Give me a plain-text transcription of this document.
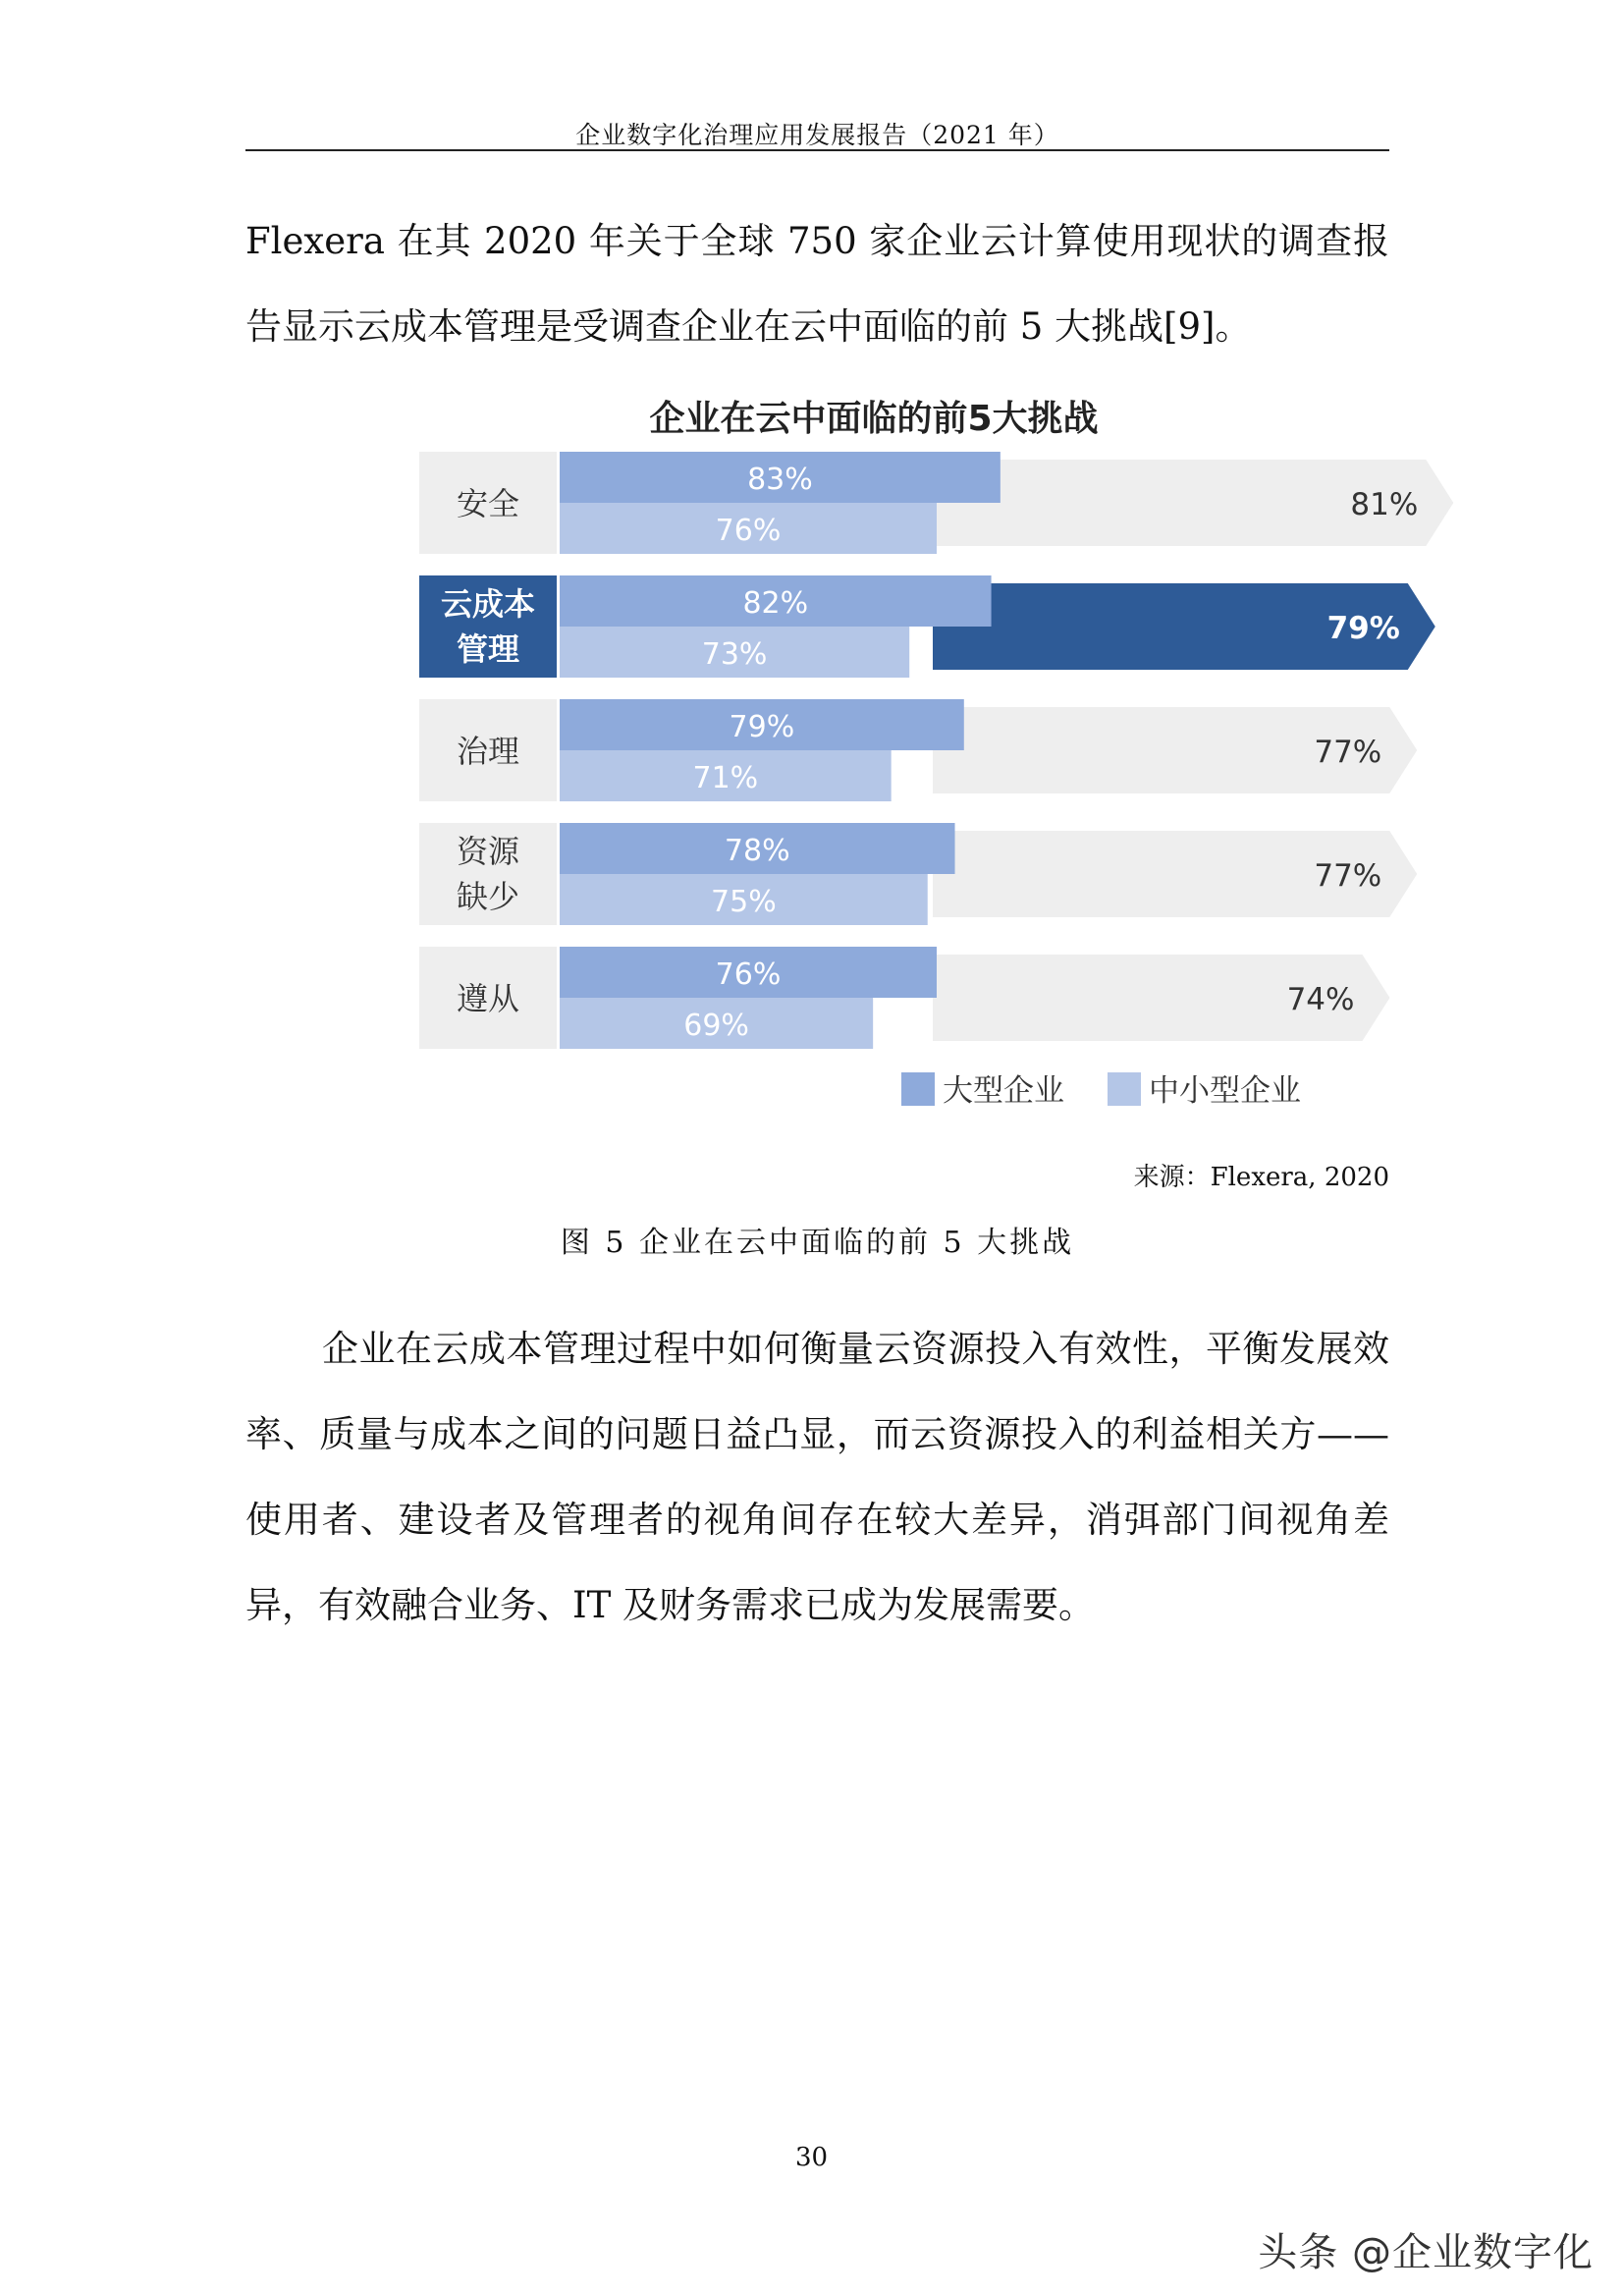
企业数字化治理应用发展报告（2021 年）

Flexera 在其 2020 年关于全球 750 家企业云计算使用现状的调查报告显示云成本管理是受调查企业在云中面临的前 5 大挑战[9]。

企业在云中面临的前5大挑战
83%
76%
81%
安全
82%
73%
79%
云成本
管理
79%
71%
77%
治理
78%
75%
77%
资源
缺少
76%
69%
74%
遵从
大型企业	中小型企业
来源：Flexera, 2020
图 5 企业在云中面临的前 5 大挑战

企业在云成本管理过程中如何衡量云资源投入有效性，平衡发展效率、质量与成本之间的问题日益凸显，而云资源投入的利益相关方——使用者、建设者及管理者的视角间存在较大差异，消弭部门间视角差异，有效融合业务、IT 及财务需求已成为发展需要。

30
头条 @企业数字化
